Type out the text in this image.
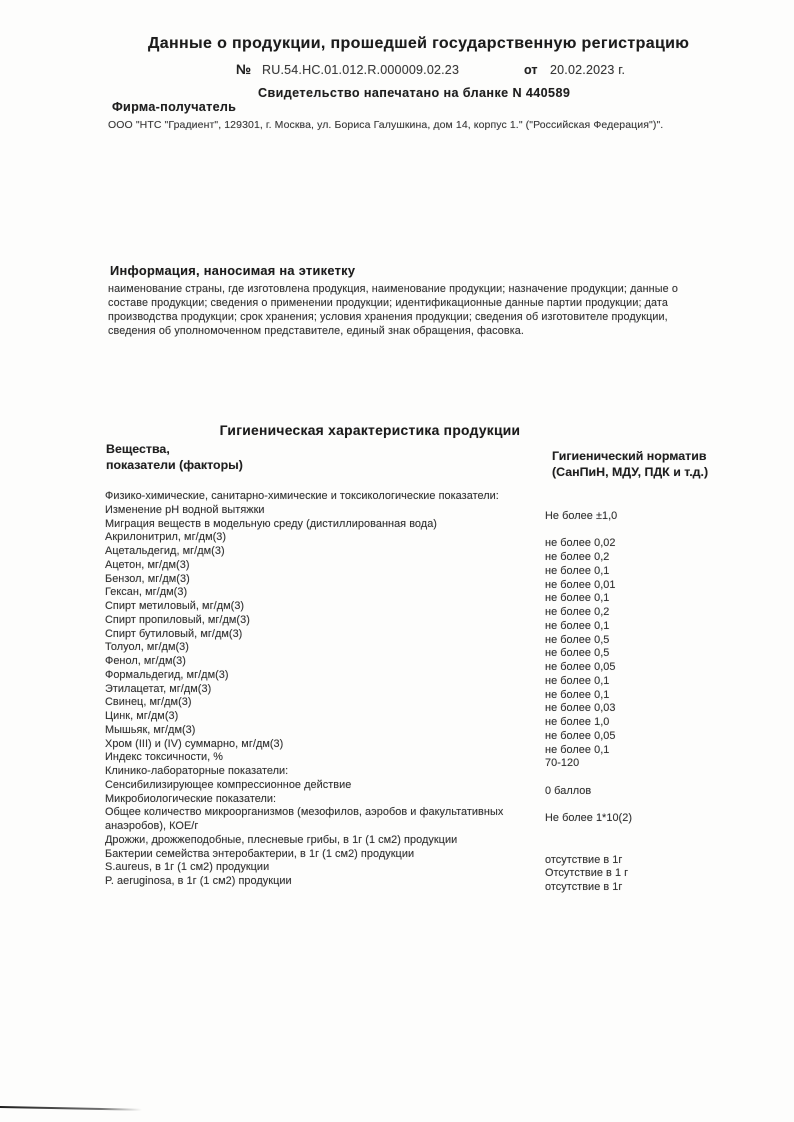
Данные о продукции, прошедшей государственную регистрацию
№ RU.54.HC.01.012.R.000009.02.23	от 20.02.2023 г.
Свидетельство напечатано на бланке N 440589
Фирма-получатель
ООО "НТС "Градиент", 129301, г. Москва, ул. Бориса Галушкина, дом 14, корпус 1." ("Российская Федерация")".
Информация, наносимая на этикетку
наименование страны, где изготовлена продукция, наименование продукции; назначение продукции; данные о составе продукции; сведения о применении продукции; идентификационные данные партии продукции; дата производства продукции; срок хранения; условия хранения продукции; сведения об изготовителе продукции, сведения об уполномоченном представителе, единый знак обращения, фасовка.
Гигиеническая характеристика продукции
Вещества,
показатели (факторы)
Гигиенический норматив
(СанПиН, МДУ, ПДК и т.д.)
Физико-химические, санитарно-химические и токсикологические показатели:
Изменение pH водной вытяжки	Не более ±1,0
Миграция веществ в модельную среду (дистиллированная вода)
Акрилонитрил, мг/дм(3)	не более 0,02
Ацетальдегид, мг/дм(3)	не более 0,2
Ацетон, мг/дм(3)	не более 0,1
Бензол, мг/дм(3)	не более 0,01
Гексан, мг/дм(3)	не более 0,1
Спирт метиловый, мг/дм(3)	не более 0,2
Спирт пропиловый, мг/дм(3)	не более 0,1
Спирт бутиловый, мг/дм(3)	не более 0,5
Толуол, мг/дм(3)	не более 0,5
Фенол, мг/дм(3)	не более 0,05
Формальдегид, мг/дм(3)	не более 0,1
Этилацетат, мг/дм(3)	не более 0,1
Свинец, мг/дм(3)	не более 0,03
Цинк, мг/дм(3)	не более 1,0
Мышьяк, мг/дм(3)	не более 0,05
Хром (III) и (IV) суммарно, мг/дм(3)	не более 0,1
Индекс токсичности, %	70-120
Клинико-лабораторные показатели:
Сенсибилизирующее компрессионное действие	0 баллов
Микробиологические показатели:
Общее количество микроорганизмов (мезофилов, аэробов и факультативных анаэробов), КОЕ/г
Не более 1*10(2)
Дрожжи, дрожжеподобные, плесневые грибы, в 1г (1 см2) продукции
Бактерии семейства энтеробактерии, в 1г (1 см2) продукции	отсутствие в 1г
S.aureus, в 1г (1 см2) продукции	Отсутствие в 1 г
P. aeruginosa, в 1г (1 см2) продукции	отсутствие в 1г
